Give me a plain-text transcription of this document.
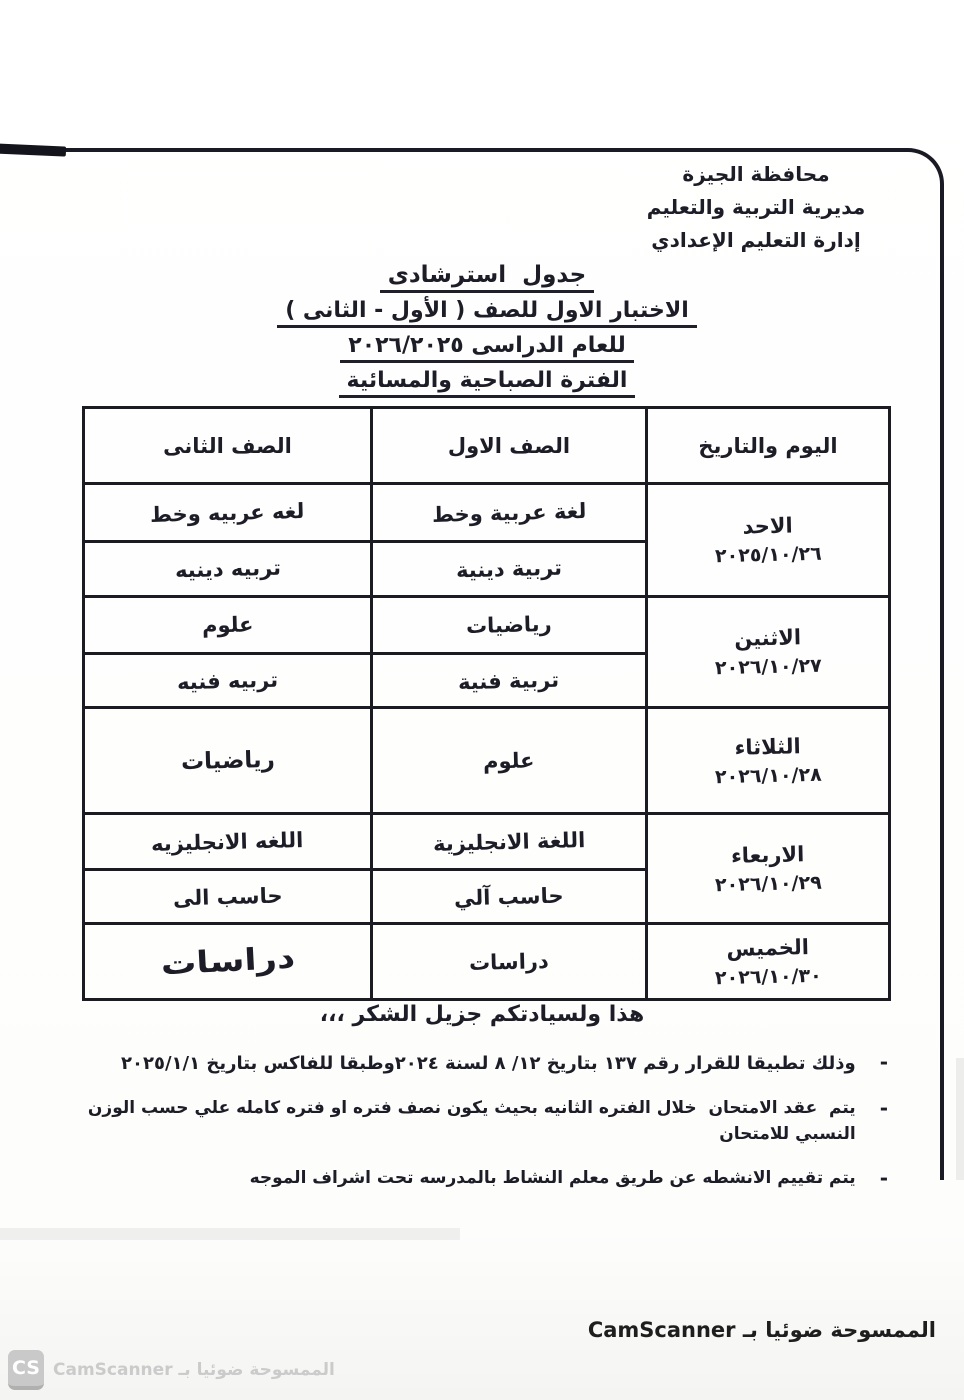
محافظة الجيزة
مديرية التربية والتعليم
إدارة التعليم الإعدادي
جدول  استرشادى
الاختبار الاول للصف ( الأول - الثانى )
للعام الدراسى ٢٠٢٦/٢٠٢٥
الفترة الصباحية والمسائية
اليوم والتاريخ	الصف الاول	الصف الثانى

الاحد
٢٠٢٥/١٠/٢٦	لغة عربية وخط	لغه عربيه وخط
	تربية دينية	تربيه دينيه

الاثنين
٢٠٢٦/١٠/٢٧	رياضيات	علوم
	تربية فنية	تربيه فنيه

الثلاثاء
٢٠٢٦/١٠/٢٨	علوم	رياضيات

الاربعاء
٢٠٢٦/١٠/٢٩	اللغة الانجليزية	اللغه الانجليزيه
	حاسب آلي	حاسب الى

الخميس
٢٠٢٦/١٠/٣٠	دراسات	دراسات
هذا ولسيادتكم جزيل الشكر ،،،
-
وذلك تطبيقا للقرار رقم ١٣٧ بتاريخ ١٢/ ٨ لسنة ٢٠٢٤وطبقا للفاكس بتاريخ ٢٠٢٥/١/١
-
يتم  عقد الامتحان  خلال الفتره الثانيه بحيث يكون نصف فتره او فتره كامله علي حسب الوزن النسبي للامتحان
-
يتم تقييم الانشطه عن طريق معلم النشاط بالمدرسه تحت اشراف الموجه
الممسوحة ضوئيا بـ CamScanner
CS الممسوحة ضوئيا بـ CamScanner
